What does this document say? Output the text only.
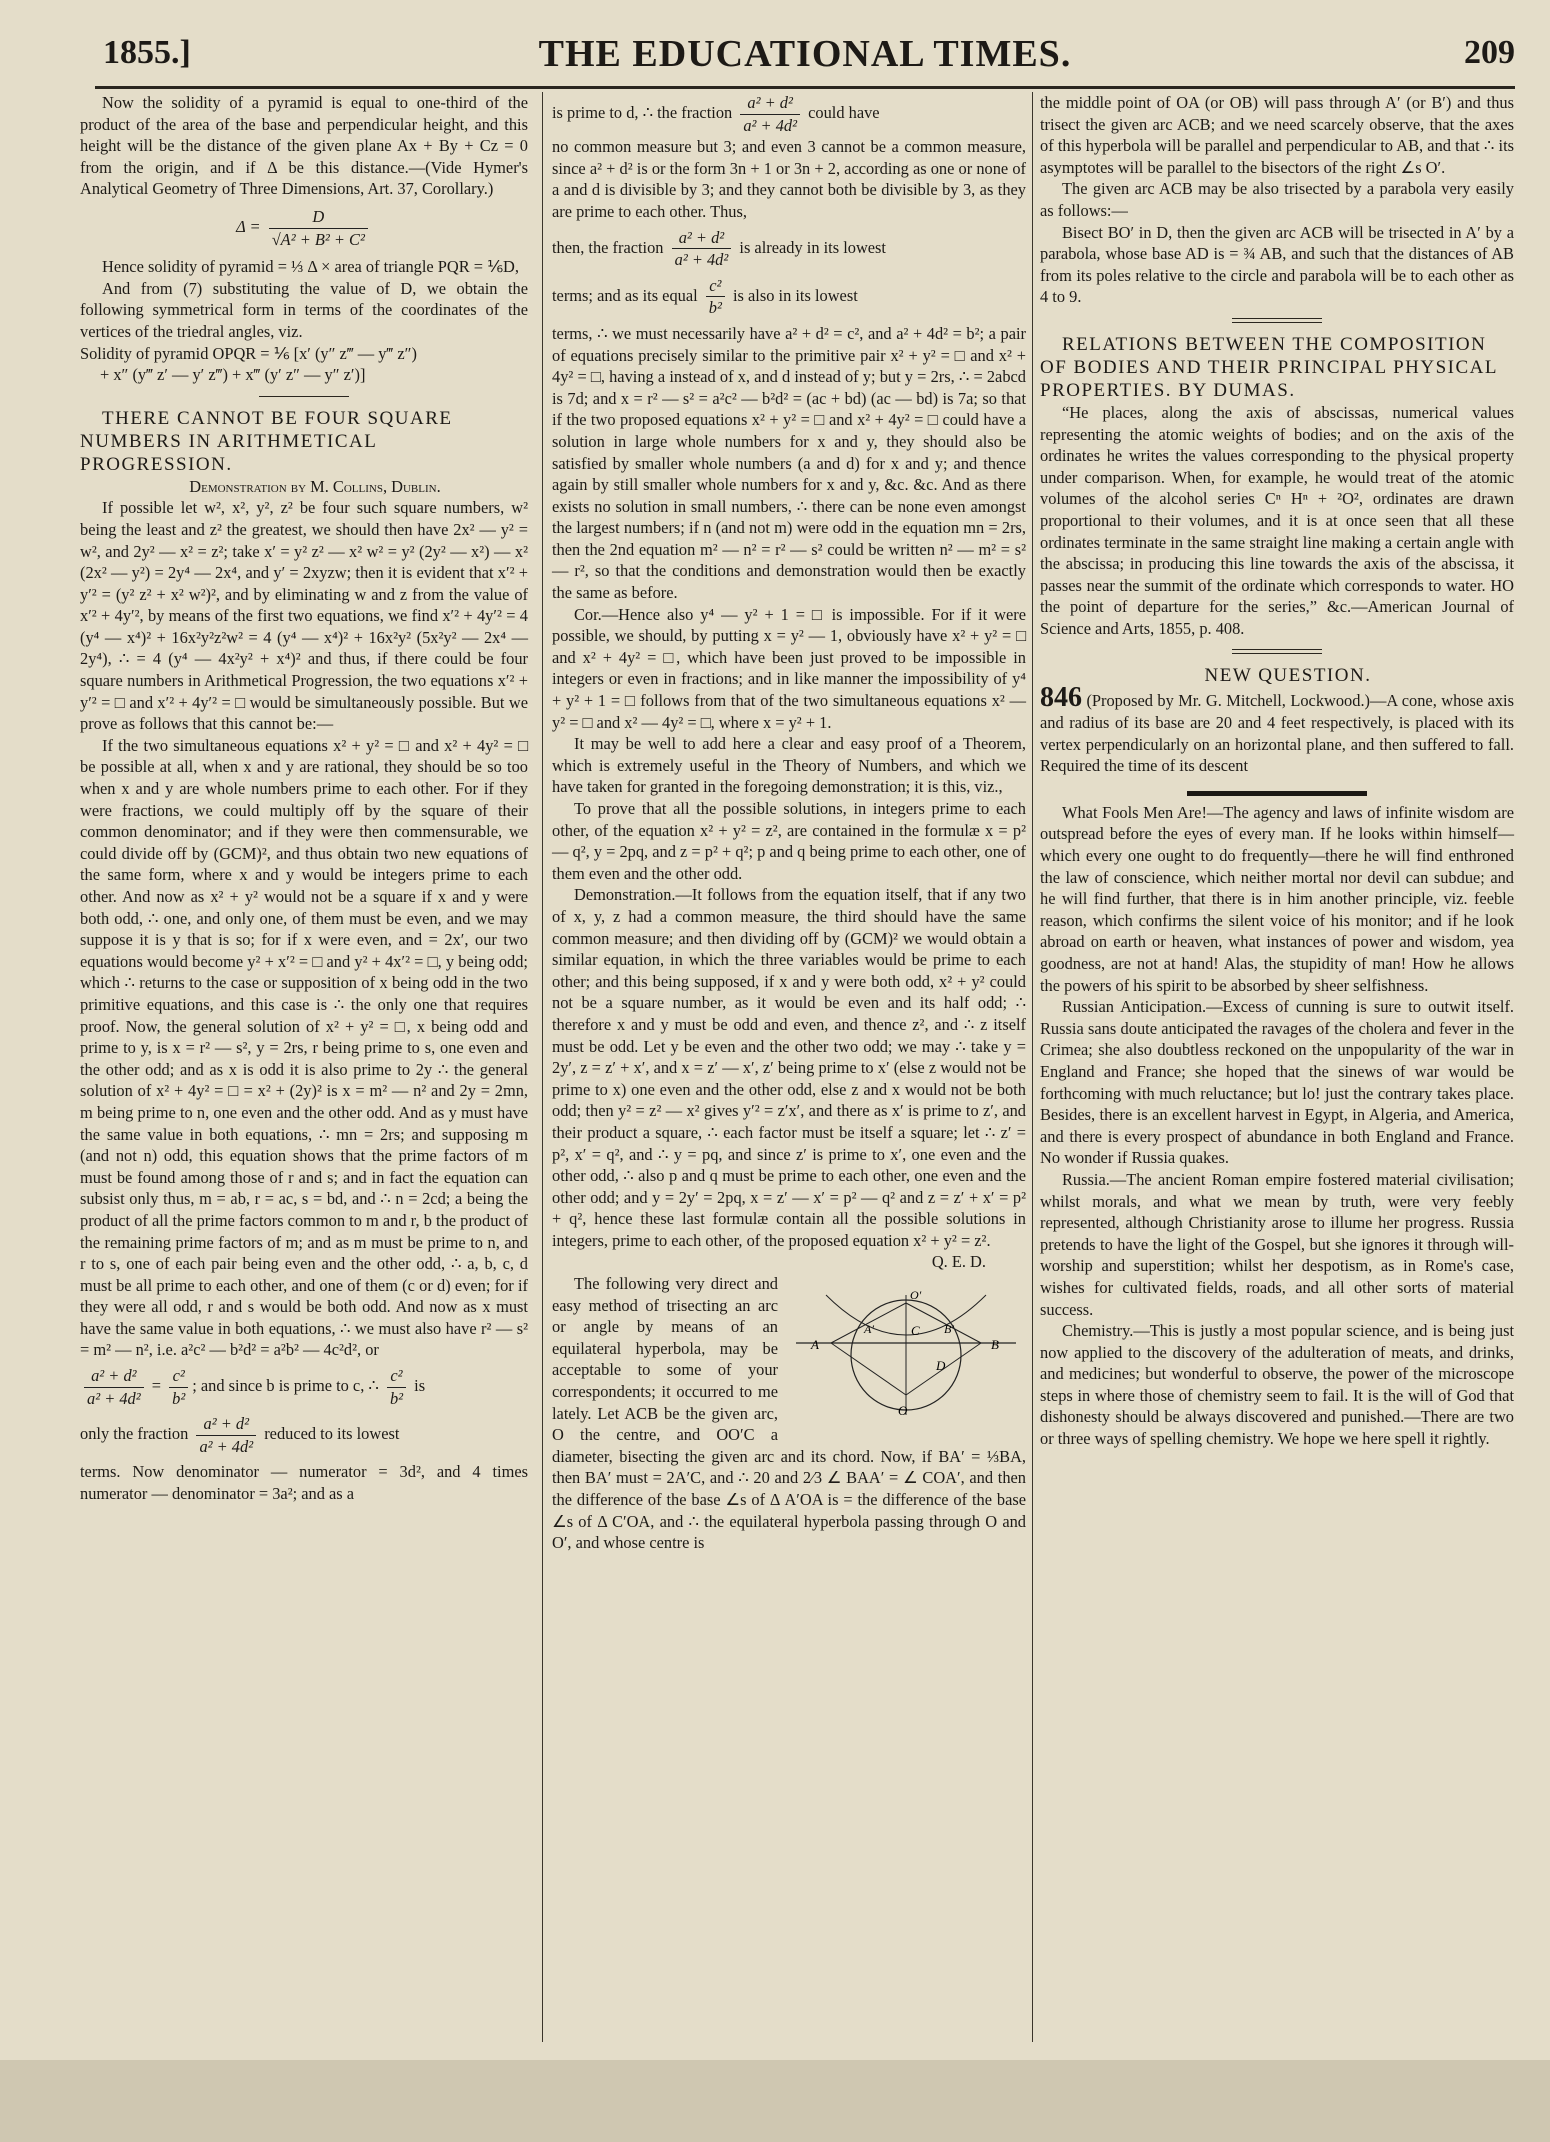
1855.]	THE EDUCATIONAL TIMES.	209

Now the solidity of a pyramid is equal to one-third of the product of the area of the base and perpendicular height, and this height will be the distance of the given plane Ax + By + Cz = 0 from the origin, and if Δ be this distance.—(Vide Hymer's Analytical Geometry of Three Dimensions, Art. 37, Corollary.)

$\Delta = \frac{D}{\text{√A² + B² + C²}}$

Hence solidity of pyramid = ⅓ Δ × area of triangle PQR = ⅙D,

And from (7) substituting the value of D, we obtain the following symmetrical form in terms of the coordinates of the vertices of the triedral angles, viz.

Solidity of pyramid OPQR = ⅙ [x′ (y″ z‴ — y‴ z″)

+ x″ (y‴ z′ — y′ z‴) + x‴ (y′ z″ — y″ z′)]

THERE CANNOT BE FOUR SQUARE NUMBERS IN ARITHMETICAL PROGRESSION.

Demonstration by M. Collins, Dublin.

If possible let w², x², y², z² be four such square numbers, w² being the least and z² the greatest, we should then have 2x² — y² = w², and 2y² — x² = z²; take x′ = y² z² — x² w² = y² (2y² — x²) — x² (2x² — y²) = 2y⁴ — 2x⁴, and y′ = 2xyzw; then it is evident that x′² + y′² = (y² z² + x² w²)², and by eliminating w and z from the value of x′² + 4y′², by means of the first two equations, we find x′² + 4y′² = 4 (y⁴ — x⁴)² + 16x²y²z²w² = 4 (y⁴ — x⁴)² + 16x²y² (5x²y² — 2x⁴ — 2y⁴), ∴ = 4 (y⁴ — 4x²y² + x⁴)² and thus, if there could be four square numbers in Arithmetical Progression, the two equations x′² + y′² = □ and x′² + 4y′² = □ would be simultaneously possible. But we prove as follows that this cannot be:—

If the two simultaneous equations x² + y² = □ and x² + 4y² = □ be possible at all, when x and y are rational, they should be so too when x and y are whole numbers prime to each other. For if they were fractions, we could multiply off by the square of their common denominator; and if they were then commensurable, we could divide off by (GCM)², and thus obtain two new equations of the same form, where x and y would be integers prime to each other. And now as x² + y² would not be a square if x and y were both odd, ∴ one, and only one, of them must be even, and we may suppose it is y that is so; for if x were even, and = 2x′, our two equations would become y² + x′² = □ and y² + 4x′² = □, y being odd; which ∴ returns to the case or supposition of x being odd in the two primitive equations, and this case is ∴ the only one that requires proof. Now, the general solution of x² + y² = □, x being odd and prime to y, is x = r² — s², y = 2rs, r being prime to s, one even and the other odd; and as x is odd it is also prime to 2y ∴ the general solution of x² + 4y² = □ = x² + (2y)² is x = m² — n² and 2y = 2mn, m being prime to n, one even and the other odd. And as y must have the same value in both equations, ∴ mn = 2rs; and supposing m (and not n) odd, this equation shows that the prime factors of m must be found among those of r and s; and in fact the equation can subsist only thus, m = ab, r = ac, s = bd, and ∴ n = 2cd; a being the product of all the prime factors common to m and r, b the product of the remaining prime factors of m; and as m must be prime to n, and r to s, one of each pair being even and the other odd, ∴ a, b, c, d must be all prime to each other, and one of them (c or d) even; for if they were all odd, r and s would be both odd. And now as x must have the same value in both equations, ∴ we must also have r² — s² = m² — n², i.e. a²c² — b²d² = a²b² — 4c²d², or

$\frac{\text{a² + d²}}{\text{a² + 4d²}} = \frac{\text{c²}}{\text{b²}}$ ; and since b is prime to c, ∴ $\frac{\text{c²}}{\text{b²}}$ is

only the fraction $\frac{\text{a² + d²}}{\text{a² + 4d²}}$ reduced to its lowest

terms. Now denominator — numerator = 3d², and 4 times numerator — denominator = 3a²; and as a

is prime to d, ∴ the fraction $\frac{\text{a² + d²}}{\text{a² + 4d²}}$ could have

no common measure but 3; and even 3 cannot be a common measure, since a² + d² is or the form 3n + 1 or 3n + 2, according as one or none of a and d is divisible by 3; and they cannot both be divisible by 3, as they are prime to each other. Thus,

then, the fraction $\frac{\text{a² + d²}}{\text{a² + 4d²}}$ is already in its lowest

terms; and as its equal $\frac{\text{c²}}{\text{b²}}$ is also in its lowest

terms, ∴ we must necessarily have a² + d² = c², and a² + 4d² = b²; a pair of equations precisely similar to the primitive pair x² + y² = □ and x² + 4y² = □, having a instead of x, and d instead of y; but y = 2rs, ∴ = 2abcd is 7d; and x = r² — s² = a²c² — b²d² = (ac + bd) (ac — bd) is 7a; so that if the two proposed equations x² + y² = □ and x² + 4y² = □ could have a solution in large whole numbers for x and y, they should also be satisfied by smaller whole numbers (a and d) for x and y; and thence again by still smaller whole numbers for x and y, &c. &c. And as there exists no solution in small numbers, ∴ there can be none even amongst the largest numbers; if n (and not m) were odd in the equation mn = 2rs, then the 2nd equation m² — n² = r² — s² could be written n² — m² = s² — r², so that the conditions and demonstration would then be exactly the same as before.

Cor.—Hence also y⁴ — y² + 1 = □ is impossible. For if it were possible, we should, by putting x = y² — 1, obviously have x² + y² = □ and x² + 4y² = □, which have been just proved to be impossible in integers or even in fractions; and in like manner the impossibility of y⁴ + y² + 1 = □ follows from that of the two simultaneous equations x² — y² = □ and x² — 4y² = □, where x = y² + 1.

It may be well to add here a clear and easy proof of a Theorem, which is extremely useful in the Theory of Numbers, and which we have taken for granted in the foregoing demonstration; it is this, viz.,

To prove that all the possible solutions, in integers prime to each other, of the equation x² + y² = z², are contained in the formulæ x = p² — q², y = 2pq, and z = p² + q²; p and q being prime to each other, one of them even and the other odd.

Demonstration.—It follows from the equation itself, that if any two of x, y, z had a common measure, the third should have the same common measure; and then dividing off by (GCM)² we would obtain a similar equation, in which the three variables would be prime to each other; and this being supposed, if x and y were both odd, x² + y² could not be a square number, as it would be even and its half odd; ∴ therefore x and y must be odd and even, and thence z², and ∴ z itself must be odd. Let y be even and the other two odd; we may ∴ take y = 2y′, z = z′ + x′, and x = z′ — x′, z′ being prime to x′ (else z would not be prime to x) one even and the other odd, else z and x would not be both odd; then y² = z² — x² gives y′² = z′x′, and there as x′ is prime to z′, and their product a square, ∴ each factor must be itself a square; let ∴ z′ = p², x′ = q², and ∴ y = pq, and since z′ is prime to x′, one even and the other odd, ∴ also p and q must be prime to each other, one even and the other odd; and y = 2y′ = 2pq, x = z′ — x′ = p² — q² and z = z′ + x′ = p² + q², hence these last formulæ contain all the possible solutions in integers, prime to each other, of the proposed equation x² + y² = z².

Q. E. D.

A	B
C
O
D
A′	B′
O′

The following very direct and easy method of trisecting an arc or angle by means of an equilateral hyperbola, may be acceptable to some of your correspondents; it occurred to me lately. Let ACB be the given arc, O the centre, and OO′C a diameter, bisecting the given arc and its chord. Now, if BA′ = ⅓BA, then BA′ must = 2A′C, and ∴ 20 and 2⁄3 ∠ BAA′ = ∠ COA′, and then the difference of the base ∠s of Δ A′OA is = the difference of the base ∠s of Δ C′OA, and ∴ the equilateral hyperbola passing through O and O′, and whose centre is

the middle point of OA (or OB) will pass through A′ (or B′) and thus trisect the given arc ACB; and we need scarcely observe, that the axes of this hyperbola will be parallel and perpendicular to AB, and that ∴ its asymptotes will be parallel to the bisectors of the right ∠s O′.

The given arc ACB may be also trisected by a parabola very easily as follows:—

Bisect BO′ in D, then the given arc ACB will be trisected in A′ by a parabola, whose base AD is = ¾ AB, and such that the distances of AB from its poles relative to the circle and parabola will be to each other as 4 to 9.

RELATIONS BETWEEN THE COMPOSITION OF BODIES AND THEIR PRINCIPAL PHYSICAL PROPERTIES. BY DUMAS.

“He places, along the axis of abscissas, numerical values representing the atomic weights of bodies; and on the axis of the ordinates he writes the values corresponding to the physical property under comparison. When, for example, he would treat of the atomic volumes of the alcohol series Cⁿ Hⁿ + ²O², ordinates are drawn proportional to their volumes, and it is at once seen that all these ordinates terminate in the same straight line making a certain angle with the abscissa; in producing this line towards the axis of the abscissa, it passes near the summit of the ordinate which corresponds to water. HO the point of departure for the series,” &c.—American Journal of Science and Arts, 1855, p. 408.

NEW QUESTION.

846 (Proposed by Mr. G. Mitchell, Lockwood.)—A cone, whose axis and radius of its base are 20 and 4 feet respectively, is placed with its vertex perpendicularly on an horizontal plane, and then suffered to fall. Required the time of its descent

What Fools Men Are!—The agency and laws of infinite wisdom are outspread before the eyes of every man. If he looks within himself—which every one ought to do frequently—there he will find enthroned the law of conscience, which neither mortal nor devil can subdue; and he will find further, that there is in him another principle, viz. feeble reason, which confirms the silent voice of his monitor; and if he look abroad on earth or heaven, what instances of power and wisdom, yea goodness, are not at hand! Alas, the stupidity of man! How he allows the powers of his spirit to be absorbed by sheer selfishness.

Russian Anticipation.—Excess of cunning is sure to outwit itself. Russia sans doute anticipated the ravages of the cholera and fever in the Crimea; she also doubtless reckoned on the unpopularity of the war in England and France; she hoped that the sinews of war would be forthcoming with much reluctance; but lo! just the contrary takes place. Besides, there is an excellent harvest in Egypt, in Algeria, and America, and there is every prospect of abundance in both England and France. No wonder if Russia quakes.

Russia.—The ancient Roman empire fostered material civilisation; whilst morals, and what we mean by truth, were very feebly represented, although Christianity arose to illume her progress. Russia pretends to have the light of the Gospel, but she ignores it through will-worship and superstition; whilst her despotism, as in Rome's case, wishes for cultivated fields, roads, and all other sorts of material success.

Chemistry.—This is justly a most popular science, and is being just now applied to the discovery of the adulteration of meats, and drinks, and medicines; but wonderful to observe, the power of the microscope steps in where those of chemistry seem to fail. It is the will of God that dishonesty should be always discovered and punished.—There are two or three ways of spelling chemistry. We hope we here spell it rightly.
